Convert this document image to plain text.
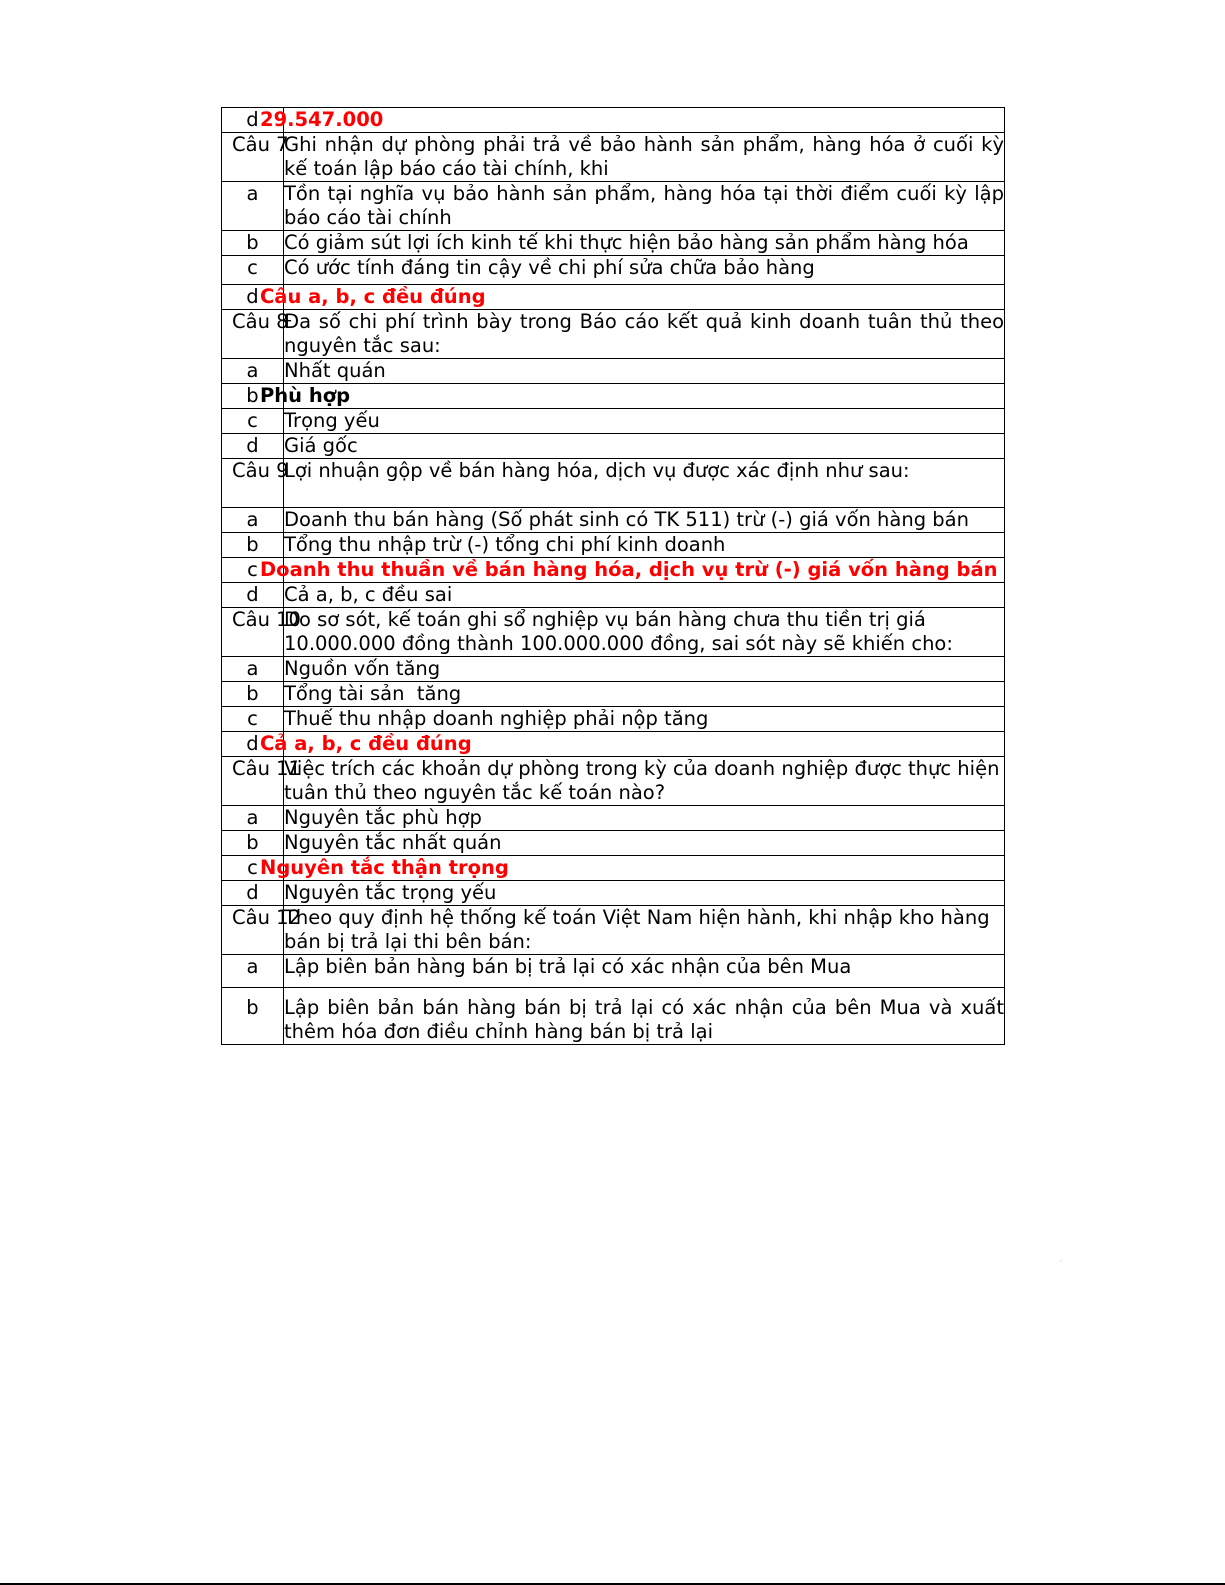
d	29.547.000
Câu 7	Ghi nhận dự phòng phải trả về bảo hành sản phẩm, hàng hóa ở cuối kỳ kế toán lập báo cáo tài chính, khi
a	Tồn tại nghĩa vụ bảo hành sản phẩm, hàng hóa tại thời điểm cuối kỳ lập báo cáo tài chính
b	Có giảm sút lợi ích kinh tế khi thực hiện bảo hàng sản phẩm hàng hóa
c	Có ước tính đáng tin cậy về chi phí sửa chữa bảo hàng
d	Câu a, b, c đều đúng
Câu 8	Đa số chi phí trình bày trong Báo cáo kết quả kinh doanh tuân thủ theo nguyên tắc sau:
a	Nhất quán
b	Phù hợp
c	Trọng yếu
d	Giá gốc
Câu 9	Lợi nhuận gộp về bán hàng hóa, dịch vụ được xác định như sau:
a	Doanh thu bán hàng (Số phát sinh có TK 511) trừ (-) giá vốn hàng bán
b	Tổng thu nhập trừ (-) tổng chi phí kinh doanh
c	Doanh thu thuần về bán hàng hóa, dịch vụ trừ (-) giá vốn hàng bán
d	Cả a, b, c đều sai
Câu 10	Do sơ sót, kế toán ghi sổ nghiệp vụ bán hàng chưa thu tiền trị giá 10.000.000 đồng thành 100.000.000 đồng, sai sót này sẽ khiến cho:
a	Nguồn vốn tăng
b	Tổng tài sản  tăng
c	Thuế thu nhập doanh nghiệp phải nộp tăng
d	Cả a, b, c đều đúng
Câu 11	Việc trích các khoản dự phòng trong kỳ của doanh nghiệp được thực hiện tuân thủ theo nguyên tắc kế toán nào?
a	Nguyên tắc phù hợp
b	Nguyên tắc nhất quán
c	Nguyên tắc thận trọng
d	Nguyên tắc trọng yếu
Câu 12	Theo quy định hệ thống kế toán Việt Nam hiện hành, khi nhập kho hàng bán bị trả lại thi bên bán:
a	Lập biên bản hàng bán bị trả lại có xác nhận của bên Mua
b	Lập biên bản bán hàng bán bị trả lại có xác nhận của bên Mua và xuất thêm hóa đơn điều chỉnh hàng bán bị trả lại
